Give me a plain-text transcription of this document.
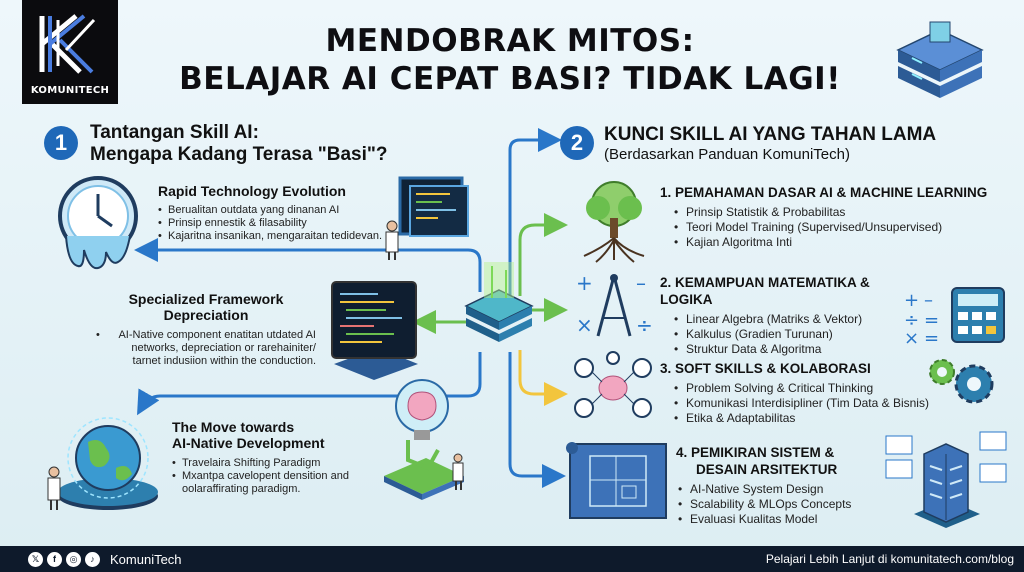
KOMUNITECH
MENDOBRAK MITOS:
BELAJAR AI CEPAT BASI? TIDAK LAGI!
1	Tantangan Skill AI:
Mengapa Kadang Terasa "Basi"?
Rapid Technology Evolution
• Berualitan outdata yang dinanan AI
• Prinsip ennestik & filasability
• Kajaritna insanikan, mengaraitan tedidevan.
Specialized Framework
Depreciation
• AI-Native component enatitan utdated AI networks, depreciation or rarehainiter/ tarnet indusiion within the conduction.
The Move towards
AI-Native Development
• Travelaira Shifting Paradigm
• Mxantpa cavelopent densition and oolaraffirating paradigm.
2	KUNCI SKILL AI YANG TAHAN LAMA
(Berdasarkan Panduan KomuniTech)
1. PEMAHAMAN DASAR AI & MACHINE LEARNING
• Prinsip Statistik & Probabilitas
• Teori Model Training (Supervised/Unsupervised)
• Kajian Algoritma Inti
+ –
× ÷
2. KEMAMPUAN MATEMATIKA & LOGIKA
• Linear Algebra (Matriks & Vektor)
• Kalkulus (Gradien Turunan)
• Struktur Data & Algoritma
+ –
÷ =
× =
3. SOFT SKILLS & KOLABORASI
• Problem Solving & Critical Thinking
• Komunikasi Interdisipliner (Tim Data & Bisnis)
• Etika & Adaptabilitas
4. PEMIKIRAN SISTEM &
DESAIN ARSITEKTUR
• AI-Native System Design
• Scalability & MLOps Concepts
• Evaluasi Kualitas Model
𝕏	f	◎	♪	KomuniTech	Pelajari Lebih Lanjut di komunitatech.com/blog
